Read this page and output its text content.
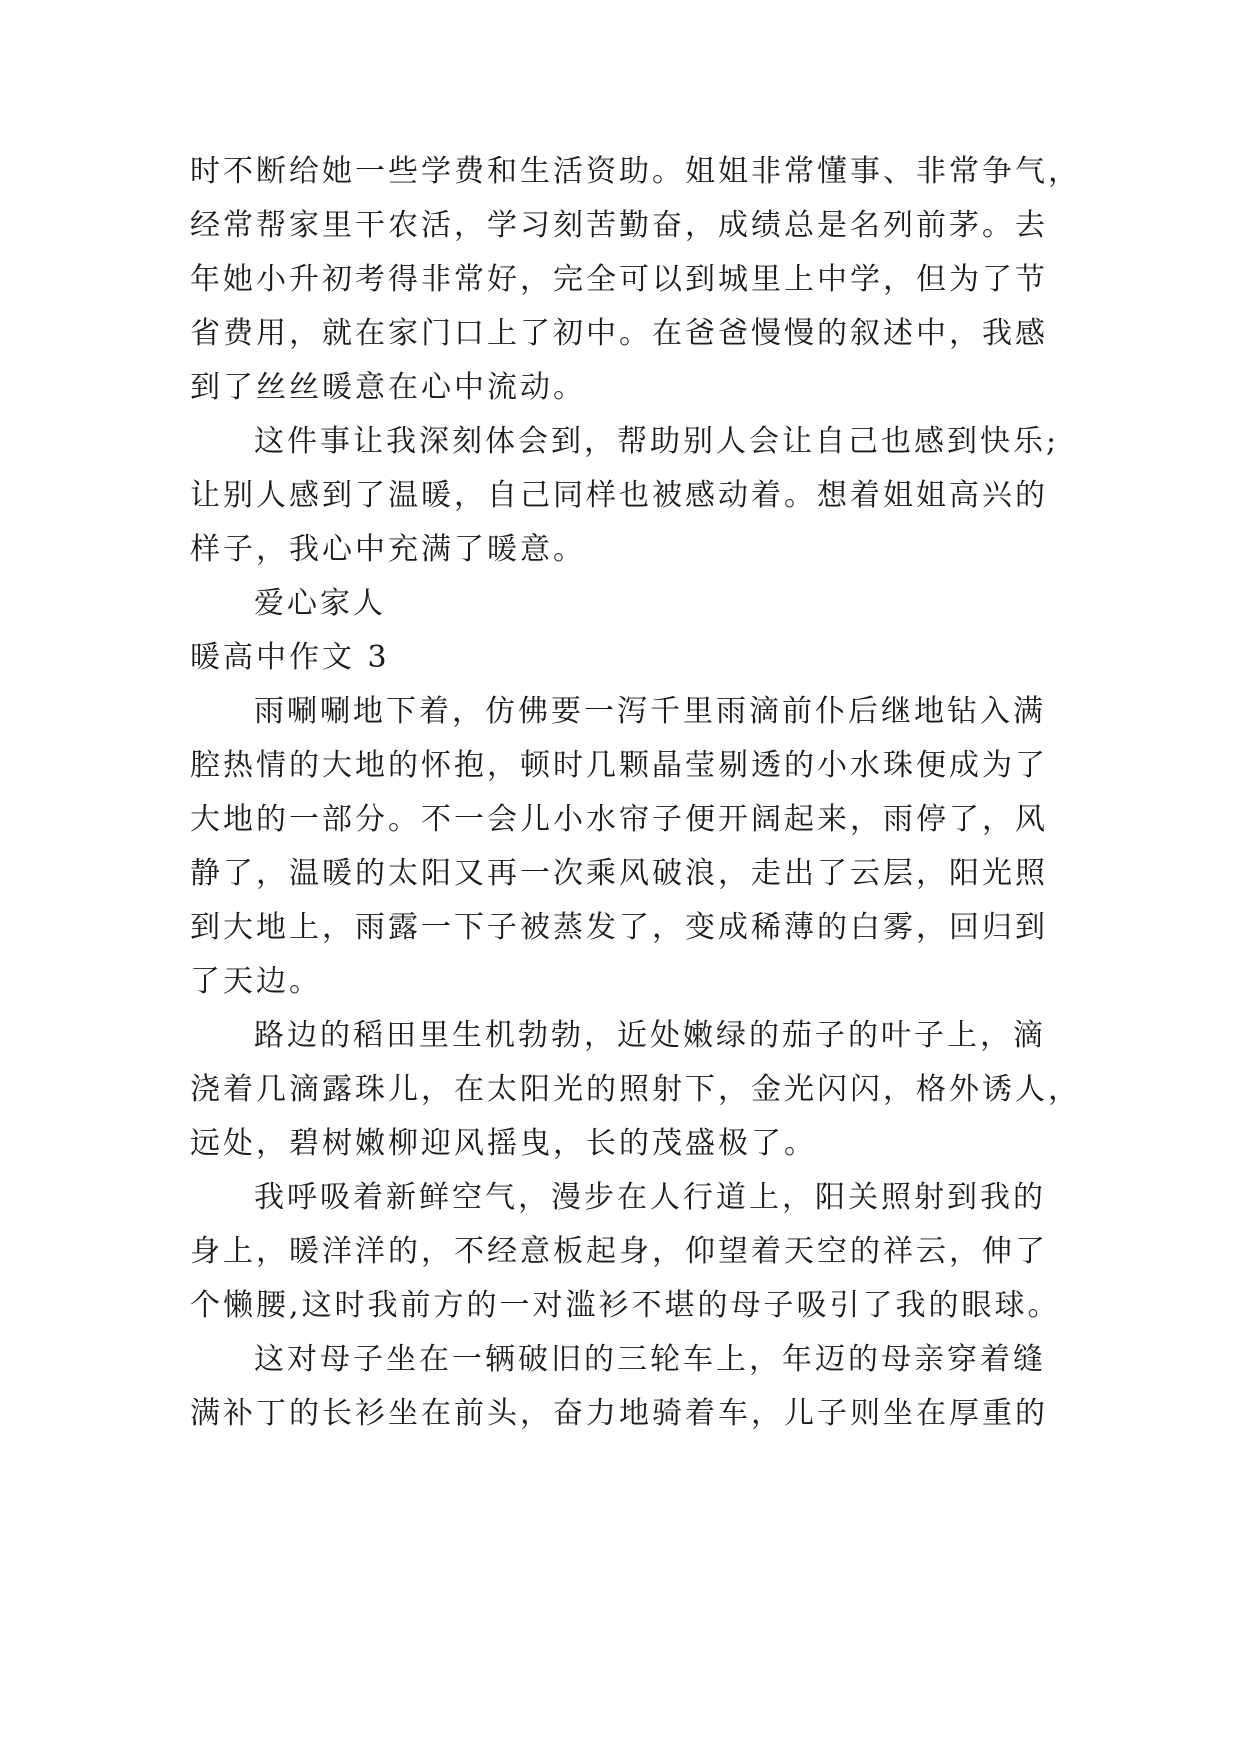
时不断给她一些学费和生活资助。姐姐非常懂事、非常争气，
经常帮家里干农活，学习刻苦勤奋，成绩总是名列前茅。去
年她小升初考得非常好，完全可以到城里上中学，但为了节
省费用，就在家门口上了初中。在爸爸慢慢的叙述中，我感
到了丝丝暖意在心中流动。
这件事让我深刻体会到，帮助别人会让自己也感到快乐;
让别人感到了温暖，自己同样也被感动着。想着姐姐高兴的
样子，我心中充满了暖意。
爱心家人
暖高中作文 3
雨唰唰地下着，仿佛要一泻千里雨滴前仆后继地钻入满
腔热情的大地的怀抱，顿时几颗晶莹剔透的小水珠便成为了
大地的一部分。不一会儿小水帘子便开阔起来，雨停了，风
静了，温暖的太阳又再一次乘风破浪，走出了云层，阳光照
到大地上，雨露一下子被蒸发了，变成稀薄的白雾，回归到
了天边。
路边的稻田里生机勃勃，近处嫩绿的茄子的叶子上，滴
浇着几滴露珠儿，在太阳光的照射下，金光闪闪，格外诱人，
远处，碧树嫩柳迎风摇曳，长的茂盛极了。
我呼吸着新鲜空气，漫步在人行道上，阳关照射到我的
身上，暖洋洋的，不经意板起身，仰望着天空的祥云，伸了
个懒腰,这时我前方的一对滥衫不堪的母子吸引了我的眼球。
这对母子坐在一辆破旧的三轮车上，年迈的母亲穿着缝
满补丁的长衫坐在前头，奋力地骑着车，儿子则坐在厚重的
